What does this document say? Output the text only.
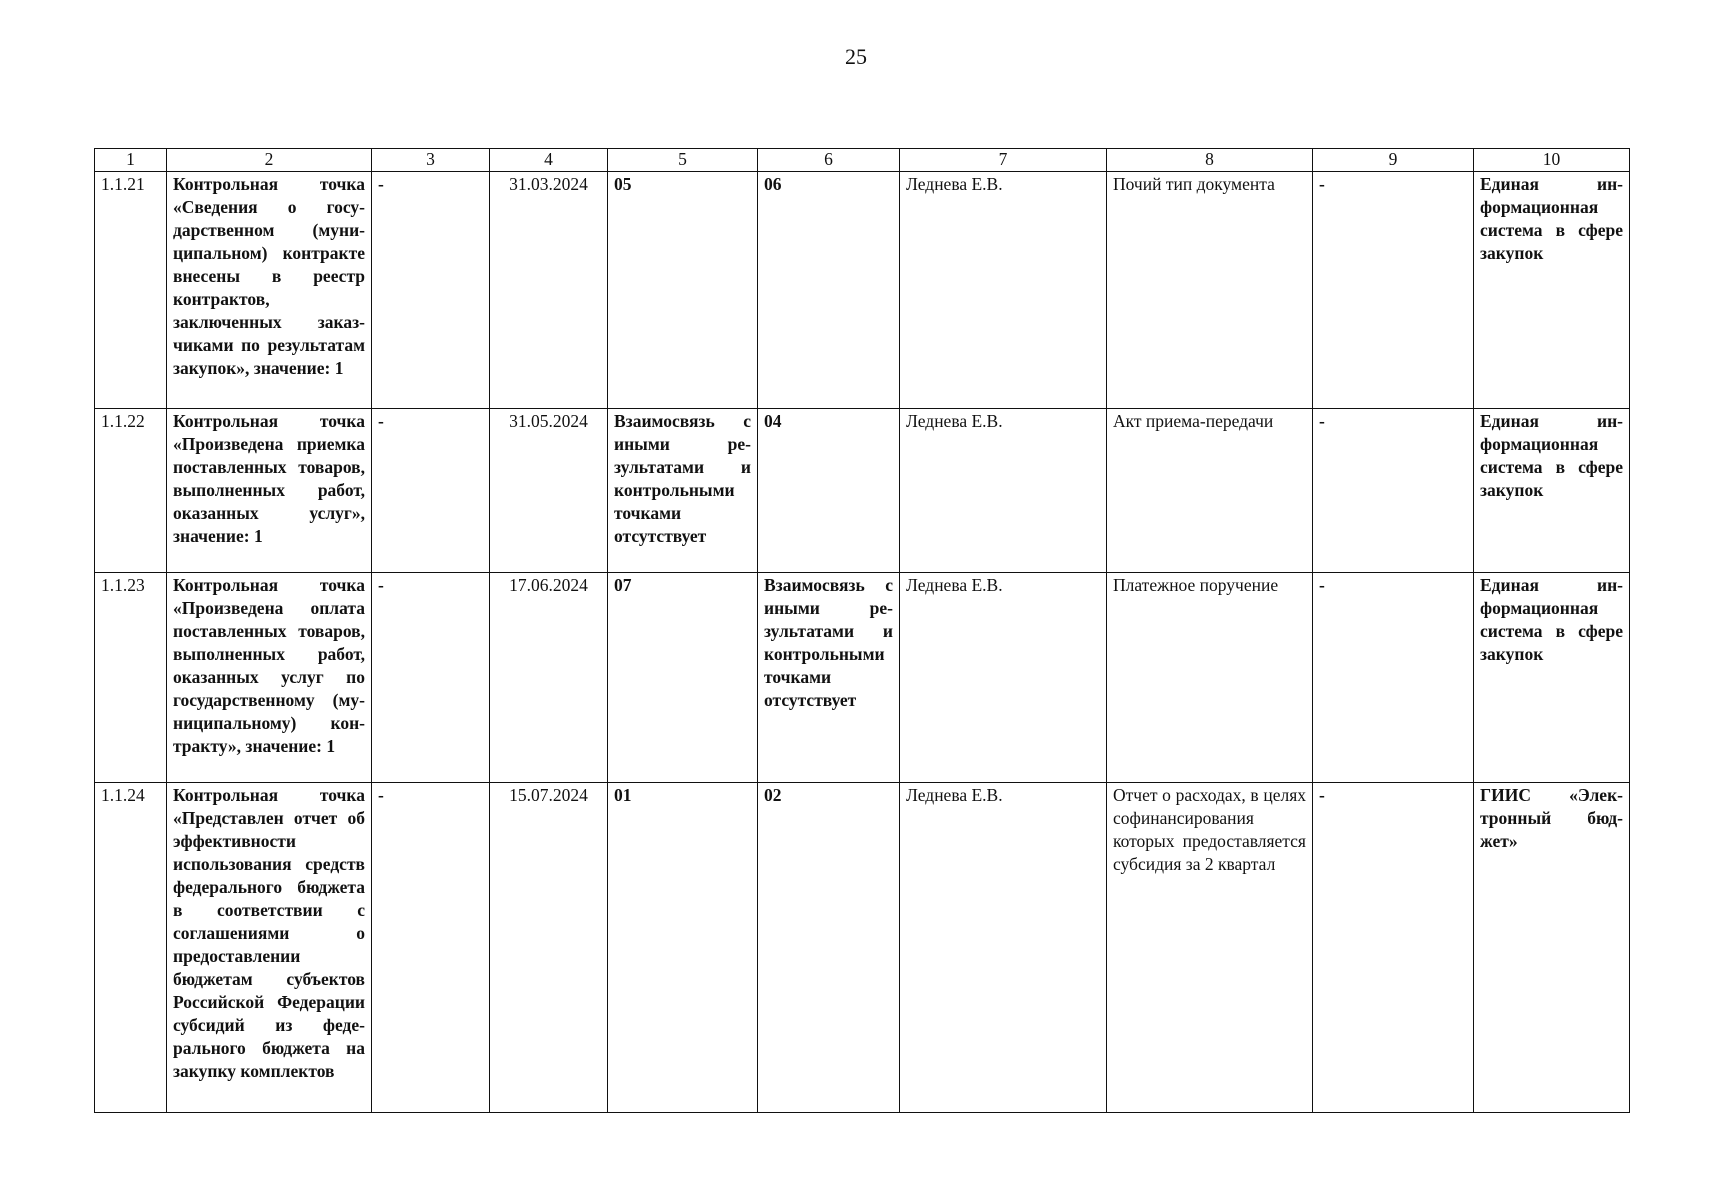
25
1	2	3	4	5	6	7	8	9	10
1.1.21	Контрольная точка «Сведения о государственном (муниципальном) контракте внесены в реестр контрактов, заключенных заказчиками по результатам закупок», значение: 1	-	31.03.2024	05	06	Леднева Е.В.	Почий тип документа	-	Единая информационная система в сфере закупок
1.1.22	Контрольная точка «Произведена приемка поставленных товаров, выполненных работ, оказанных услуг», значение: 1	-	31.05.2024	Взаимосвязь с иными результатами и контрольными точками отсутствует	04	Леднева Е.В.	Акт приема-передачи	-	Единая информационная система в сфере закупок
1.1.23	Контрольная точка «Произведена оплата поставленных товаров, выполненных работ, оказанных услуг по государственному (муниципальному) контракту», значение: 1	-	17.06.2024	07	Взаимосвязь с иными результатами и контрольными точками отсутствует	Леднева Е.В.	Платежное поручение	-	Единая информационная система в сфере закупок
1.1.24	Контрольная точка «Представлен отчет об эффективности использования средств федерального бюджета в соответствии с соглашениями о предоставлении бюджетам субъектов Российской Федерации субсидий из федерального бюджета на закупку комплектов	-	15.07.2024	01	02	Леднева Е.В.	Отчет о расходах, в целях софинансирования которых предоставляется субсидия за 2 квартал	-	ГИИС «Электронный бюджет»
